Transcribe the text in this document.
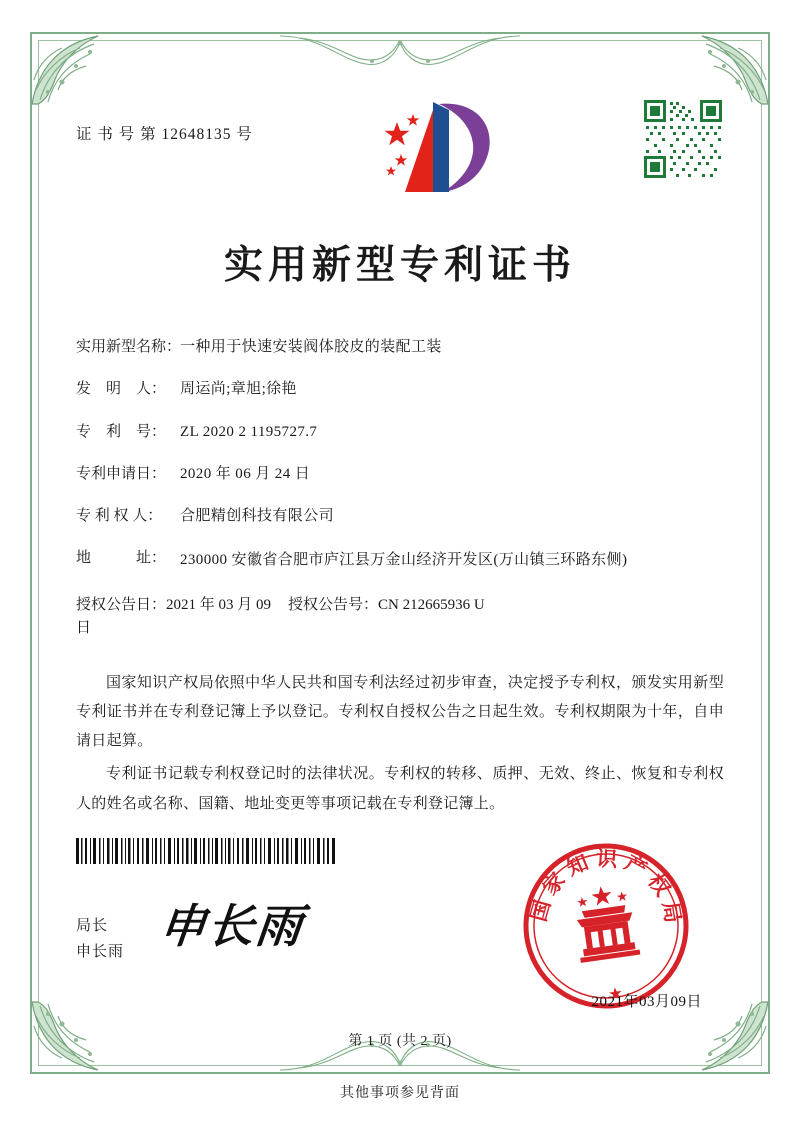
证 书 号 第 12648135 号
实用新型专利证书
实用新型名称：
一种用于快速安装阀体胶皮的装配工装
发　明　人： 周运尚;章旭;徐艳
专　利　号： ZL 2020 2 1195727.7
专利申请日： 2020 年 06 月 24 日
专 利 权 人：	合肥精创科技有限公司
地　　　址： 230000 安徽省合肥市庐江县万金山经济开发区(万山镇三环路东侧)
授权公告日：2021 年 03 月 09 日
授权公告号：CN 212665936 U

国家知识产权局依照中华人民共和国专利法经过初步审查，决定授予专利权，颁发实用新型专利证书并在专利登记簿上予以登记。专利权自授权公告之日起生效。专利权期限为十年，自申请日起算。

专利证书记载专利权登记时的法律状况。专利权的转移、质押、无效、终止、恢复和专利权人的姓名或名称、国籍、地址变更等事项记载在专利登记簿上。

局长
申长雨 申长雨	国家知识产权局
2021年03月09日
第 1 页 (共 2 页)
其他事项参见背面
